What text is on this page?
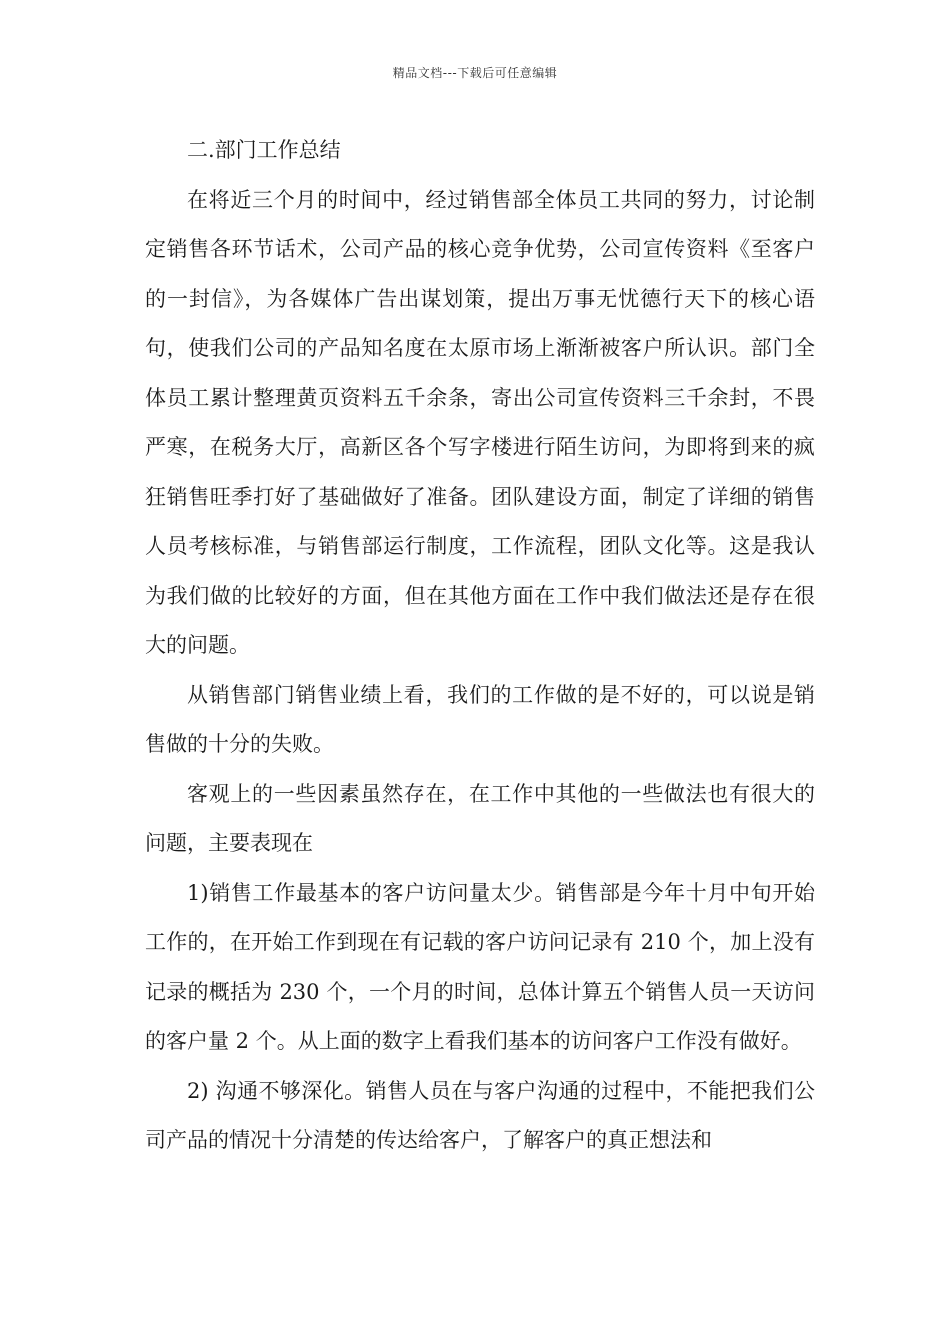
精品文档---下载后可任意编辑

二.部门工作总结

在将近三个月的时间中，经过销售部全体员工共同的努力，讨论制定销售各环节话术，公司产品的核心竞争优势，公司宣传资料《至客户的一封信》，为各媒体广告出谋划策，提出万事无忧德行天下的核心语句，使我们公司的产品知名度在太原市场上渐渐被客户所认识。部门全体员工累计整理黄页资料五千余条，寄出公司宣传资料三千余封，不畏严寒，在税务大厅，高新区各个写字楼进行陌生访问，为即将到来的疯狂销售旺季打好了基础做好了准备。团队建设方面，制定了详细的销售人员考核标准，与销售部运行制度，工作流程，团队文化等。这是我认为我们做的比较好的方面，但在其他方面在工作中我们做法还是存在很大的问题。

从销售部门销售业绩上看，我们的工作做的是不好的，可以说是销售做的十分的失败。

客观上的一些因素虽然存在，在工作中其他的一些做法也有很大的问题，主要表现在

1)销售工作最基本的客户访问量太少。销售部是今年十月中旬开始工作的，在开始工作到现在有记载的客户访问记录有 210 个，加上没有记录的概括为 230 个，一个月的时间，总体计算五个销售人员一天访问的客户量 2 个。从上面的数字上看我们基本的访问客户工作没有做好。

2) 沟通不够深化。销售人员在与客户沟通的过程中，不能把我们公司产品的情况十分清楚的传达给客户，了解客户的真正想法和
